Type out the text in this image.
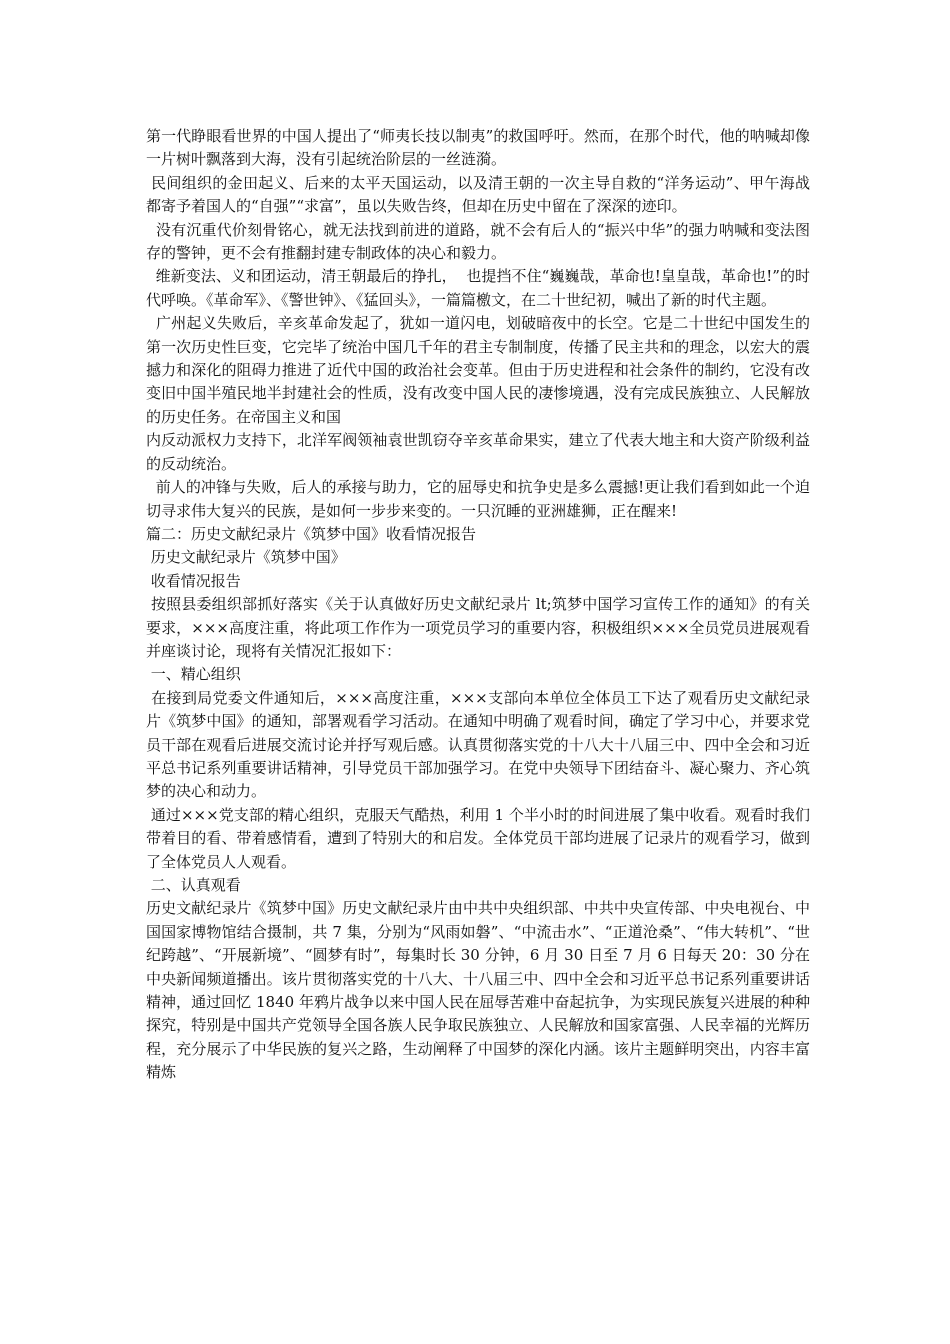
第一代睁眼看世界的中国人提出了“师夷长技以制夷”的救国呼吁。然而，在那个时代，他的呐喊却像一片树叶飘落到大海，没有引起统治阶层的一丝涟漪。

民间组织的金田起义、后来的太平天国运动，以及清王朝的一次主导自救的“洋务运动”、甲午海战都寄予着国人的“自强”“求富”，虽以失败告终，但却在历史中留在了深深的迹印。

没有沉重代价刻骨铭心，就无法找到前进的道路，就不会有后人的“振兴中华”的强力呐喊和变法图存的警钟，更不会有推翻封建专制政体的决心和毅力。

维新变法、义和团运动，清王朝最后的挣扎，  也提挡不住“巍巍哉，革命也!皇皇哉，革命也!”的时代呼唤。《革命军》、《警世钟》、《猛回头》，一篇篇檄文，在二十世纪初，喊出了新的时代主题。

广州起义失败后，辛亥革命发起了，犹如一道闪电，划破暗夜中的长空。它是二十世纪中国发生的第一次历史性巨变，它完毕了统治中国几千年的君主专制制度，传播了民主共和的理念，以宏大的震撼力和深化的阻碍力推进了近代中国的政治社会变革。但由于历史进程和社会条件的制约，它没有改变旧中国半殖民地半封建社会的性质，没有改变中国人民的凄惨境遇，没有完成民族独立、人民解放的历史任务。在帝国主义和国

内反动派权力支持下，北洋军阀领袖袁世凯窃夺辛亥革命果实，建立了代表大地主和大资产阶级利益的反动统治。

前人的冲锋与失败，后人的承接与助力，它的屈辱史和抗争史是多么震撼!更让我们看到如此一个迫切寻求伟大复兴的民族，是如何一步步来变的。一只沉睡的亚洲雄狮，正在醒来!

篇二：历史文献纪录片《筑梦中国》收看情况报告

历史文献纪录片《筑梦中国》

收看情况报告

按照县委组织部抓好落实《关于认真做好历史文献纪录片 lt;筑梦中国学习宣传工作的通知》的有关要求，×××高度注重，将此项工作作为一项党员学习的重要内容，积极组织×××全员党员进展观看并座谈讨论，现将有关情况汇报如下：

一、精心组织

在接到局党委文件通知后，×××高度注重，×××支部向本单位全体员工下达了观看历史文献纪录片《筑梦中国》的通知，部署观看学习活动。在通知中明确了观看时间，确定了学习中心，并要求党员干部在观看后进展交流讨论并抒写观后感。认真贯彻落实党的十八大十八届三中、四中全会和习近平总书记系列重要讲话精神，引导党员干部加强学习。在党中央领导下团结奋斗、凝心聚力、齐心筑梦的决心和动力。

通过×××党支部的精心组织，克服天气酷热，利用 1 个半小时的时间进展了集中收看。观看时我们带着目的看、带着感情看，遭到了特别大的和启发。全体党员干部均进展了记录片的观看学习，做到了全体党员人人观看。

二、认真观看

历史文献纪录片《筑梦中国》历史文献纪录片由中共中央组织部、中共中央宣传部、中央电视台、中国国家博物馆结合摄制，共 7 集，分别为“风雨如磐”、“中流击水”、“正道沧桑”、“伟大转机”、“世纪跨越”、“开展新境”、“圆梦有时”，每集时长 30 分钟，6 月 30 日至 7 月 6 日每天 20：30 分在中央新闻频道播出。该片贯彻落实党的十八大、十八届三中、四中全会和习近平总书记系列重要讲话精神，通过回忆 1840 年鸦片战争以来中国人民在屈辱苦难中奋起抗争，为实现民族复兴进展的种种探究，特别是中国共产党领导全国各族人民争取民族独立、人民解放和国家富强、人民幸福的光辉历程，充分展示了中华民族的复兴之路，生动阐释了中国梦的深化内涵。该片主题鲜明突出，内容丰富精炼
